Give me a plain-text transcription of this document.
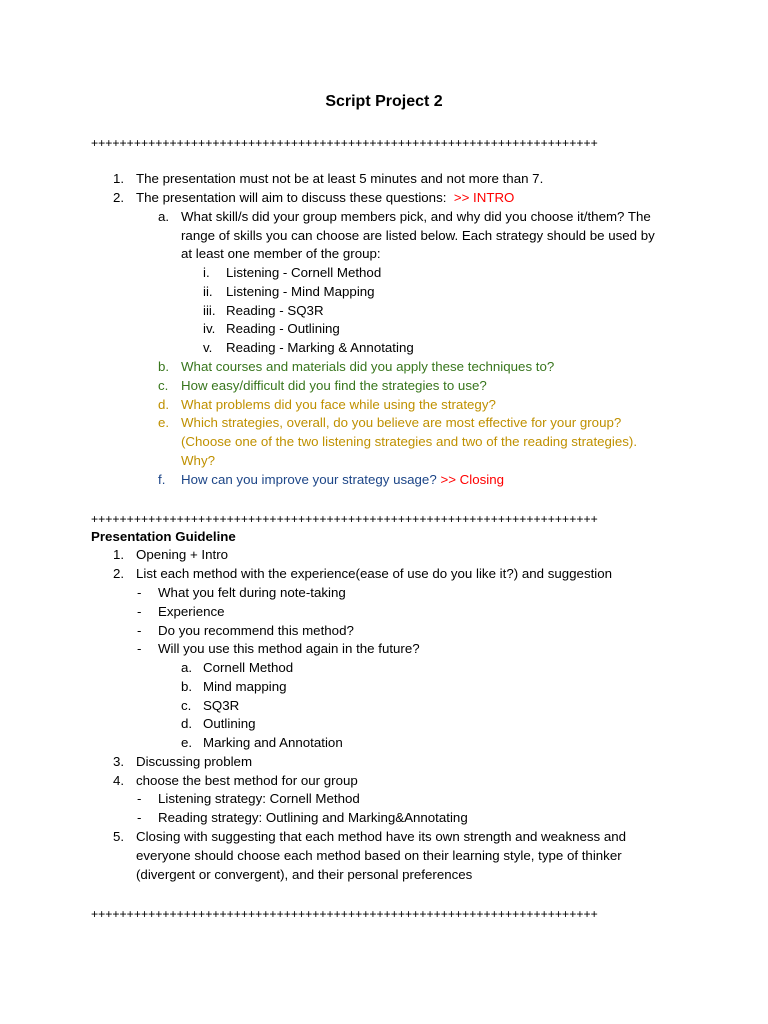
Script Project 2
+++++++++++++++++++++++++++++++++++++++++++++++++++++++++++++++++++++++
1. The presentation must not be at least 5 minutes and not more than 7.
2. The presentation will aim to discuss these questions: >> INTRO
a. What skill/s did your group members pick, and why did you choose it/them? The
range of skills you can choose are listed below. Each strategy should be used by
at least one member of the group:
i. Listening - Cornell Method
ii. Listening - Mind Mapping
iii. Reading - SQ3R
iv. Reading - Outlining
v. Reading - Marking & Annotating
b. What courses and materials did you apply these techniques to?
c. How easy/difficult did you find the strategies to use?
d. What problems did you face while using the strategy?
e. Which strategies, overall, do you believe are most effective for your group?
(Choose one of the two listening strategies and two of the reading strategies).
Why?
f. How can you improve your strategy usage? >> Closing
+++++++++++++++++++++++++++++++++++++++++++++++++++++++++++++++++++++++
Presentation Guideline
1. Opening + Intro
2. List each method with the experience(ease of use do you like it?) and suggestion
- What you felt during note-taking
- Experience
- Do you recommend this method?
- Will you use this method again in the future?
a. Cornell Method
b. Mind mapping
c. SQ3R
d. Outlining
e. Marking and Annotation
3. Discussing problem
4. choose the best method for our group
- Listening strategy: Cornell Method
- Reading strategy: Outlining and Marking&Annotating
5. Closing with suggesting that each method have its own strength and weakness and
everyone should choose each method based on their learning style, type of thinker
(divergent or convergent), and their personal preferences
+++++++++++++++++++++++++++++++++++++++++++++++++++++++++++++++++++++++
